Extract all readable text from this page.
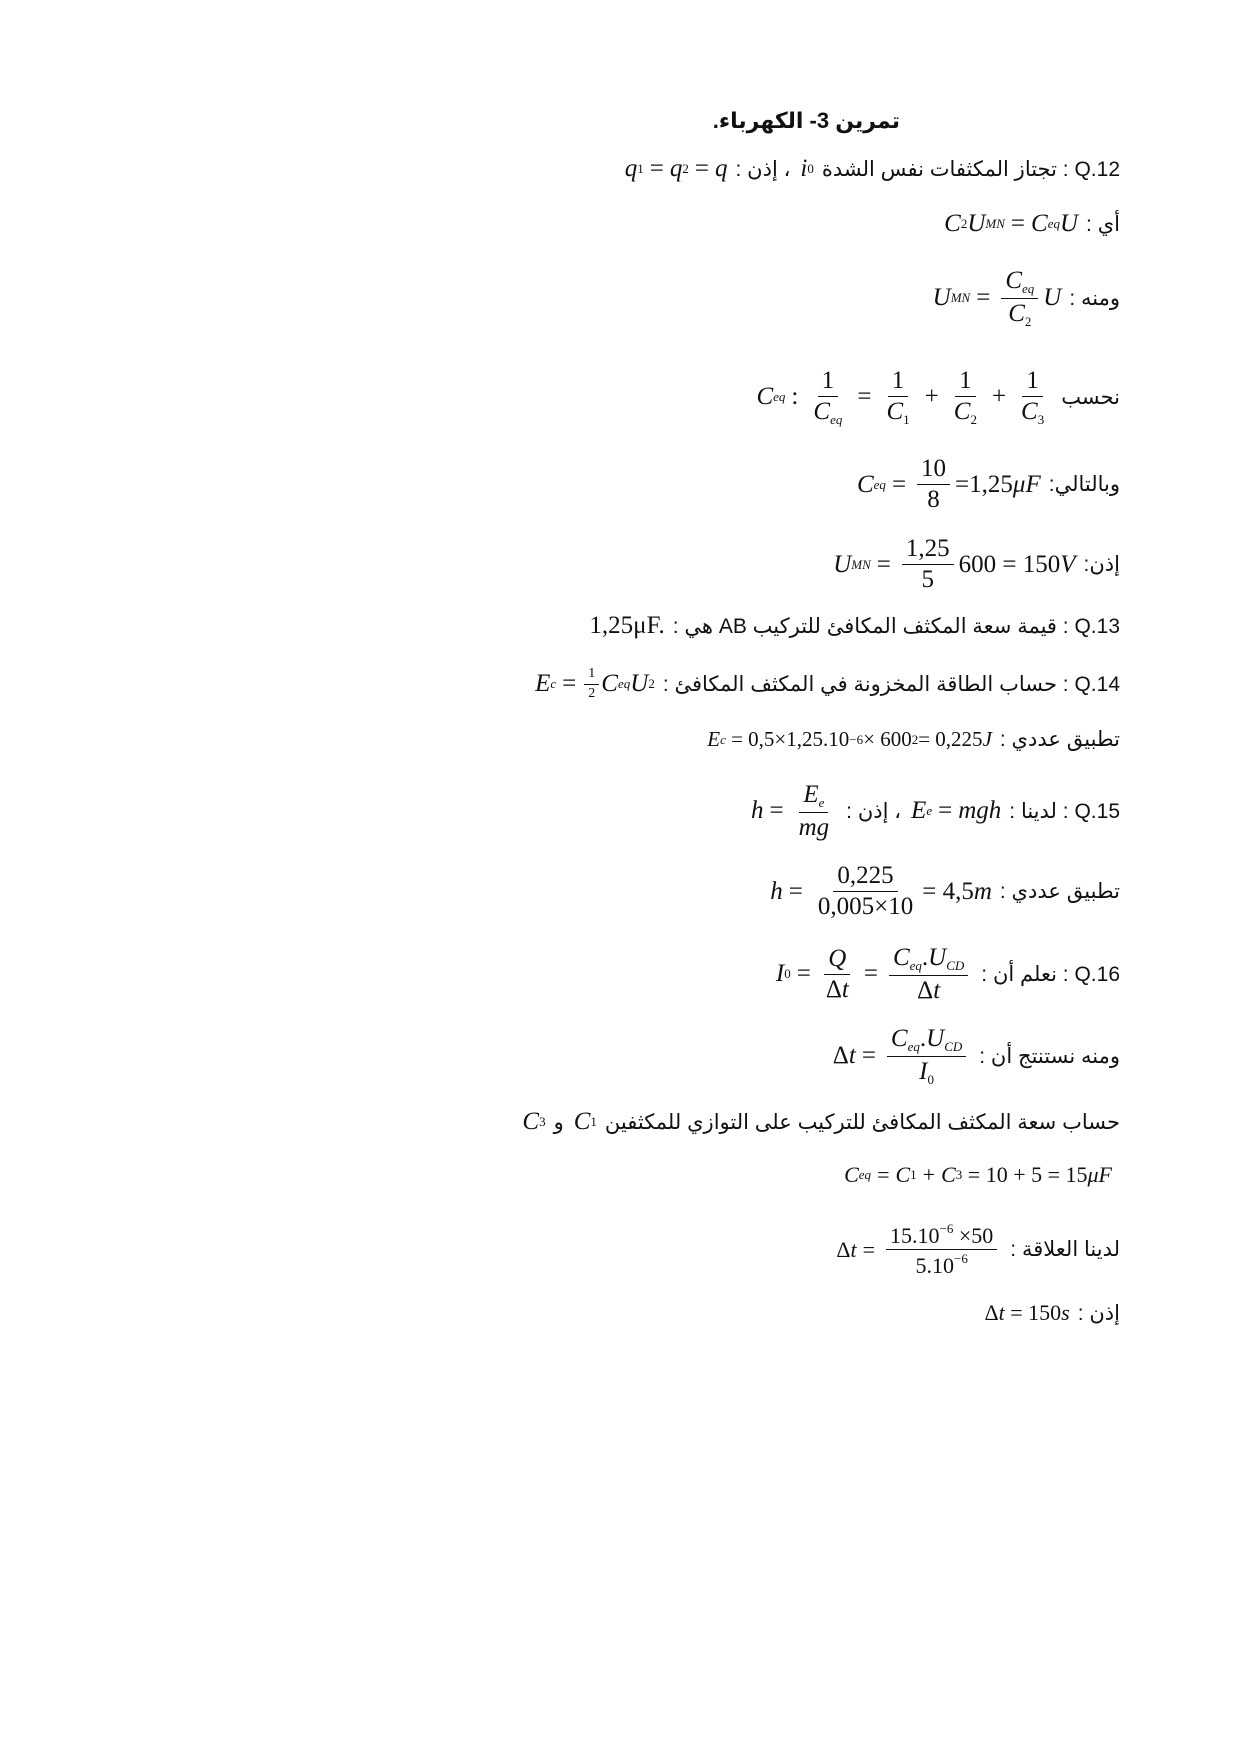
تمرين 3- الكهرباء.
Q.12 : تجتاز المكثفات نفس الشدة
i 0
، إذن :
q 1 = q 2 = q
أي :
C 2 U MN = C eq U
ومنه :
U MN = $\frac{C_{eq}}{C_2}$ U
نحسب
C eq : $\frac{1}{C_{eq}} = \frac{1}{C_1} + \frac{1}{C_2} + \frac{1}{C_3}$
وبالتالي:
C eq = $\frac{10}{8} =1,25$ μF
إذن:
U MN = $\frac{1,25}{5} 600 = 150$ V
Q.13 : قيمة سعة المكثف المكافئ للتركيب AB هي :
1,25μF.
Q.14 : حساب الطاقة المخزونة في المكثف المكافئ :
E $c = \frac{1}{2}$ C eq U 2
تطبيق عددي :
E c
= 0,5×1,25.10 −6 × 600 2 = 0,225 J
Q.15 : لدينا :
E e = mgh
، إذن :
$h = \frac{E_e}{mg}$
تطبيق عددي :
$h = \frac{0,225}{0,005\times 10} = 4,5$ m
Q.16 : نعلم أن :
I $0 = \frac{Q}{\Delta t} = \frac{C_{eq}.U_{CD}}{\Delta t}$
ومنه نستنتج أن :
Δ $t = \frac{C_{eq}.U_{CD}}{I_0}$
حساب سعة المكثف المكافئ للتركيب على التوازي للمكثفين
C 1
و
C 3
C eq = C 1 + C 3
= 10 + 5 = 15 μF
لدينا العلاقة :
Δ $t = \frac{15.10^{-6} \times 50}{5.10^{-6}}$
إذن :
Δ t
= 150 s
